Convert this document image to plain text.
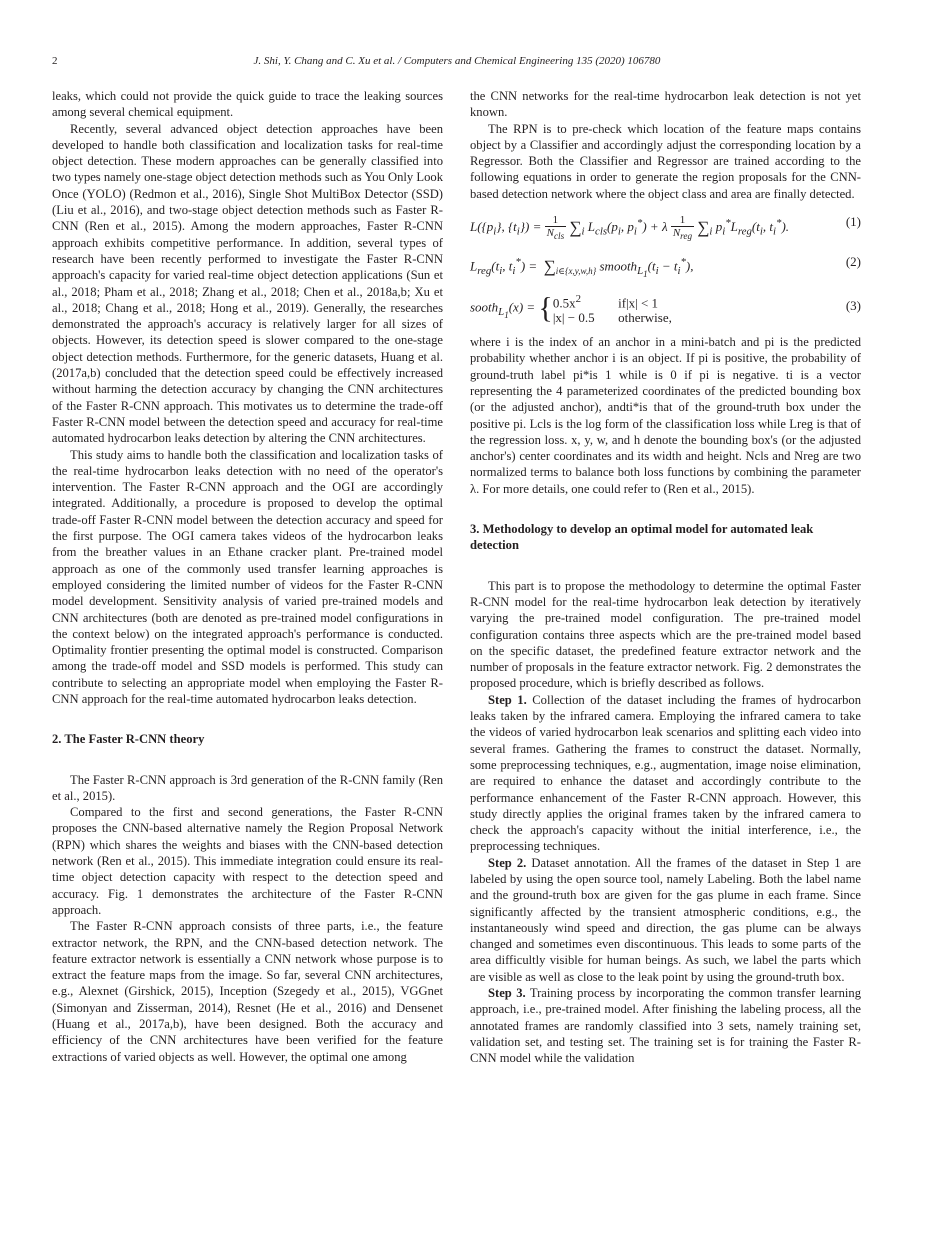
2	J. Shi, Y. Chang and C. Xu et al. / Computers and Chemical Engineering 135 (2020) 106780

leaks, which could not provide the quick guide to trace the leaking sources among several chemical equipment.

Recently, several advanced object detection approaches have been developed to handle both classification and localization tasks for real-time object detection. These modern approaches can be generally classified into two types namely one-stage object detection methods such as You Only Look Once (YOLO) (Redmon et al., 2016), Single Shot MultiBox Detector (SSD) (Liu et al., 2016), and two-stage object detection methods such as Faster R-CNN (Ren et al., 2015). Among the modern approaches, Faster R-CNN approach exhibits competitive performance. In addition, several types of research have been recently performed to investigate the Faster R-CNN approach's capacity for varied real-time object detection applications (Sun et al., 2018; Pham et al., 2018; Zhang et al., 2018; Chen et al., 2018a,b; Xu et al., 2018; Chang et al., 2018; Hong et al., 2019). Generally, the researches demonstrated the approach's accuracy is relatively larger for all sizes of objects. However, its detection speed is slower compared to the one-stage object detection methods. Furthermore, for the generic datasets, Huang et al. (2017a,b) concluded that the detection speed could be effectively increased without harming the detection accuracy by changing the CNN architectures of the Faster R-CNN approach. This motivates us to determine the trade-off Faster R-CNN model between the detection speed and accuracy for real-time automated hydrocarbon leaks detection by altering the CNN architectures.

This study aims to handle both the classification and localization tasks of the real-time hydrocarbon leaks detection with no need of the operator's intervention. The Faster R-CNN approach and the OGI are accordingly integrated. Additionally, a procedure is proposed to develop the optimal trade-off Faster R-CNN model between the detection accuracy and speed for the first purpose. The OGI camera takes videos of the hydrocarbon leaks from the breather values in an Ethane cracker plant. Pre-trained model approach as one of the commonly used transfer learning approaches is employed considering the limited number of videos for the Faster R-CNN model development. Sensitivity analysis of varied pre-trained models and CNN architectures (both are denoted as pre-trained model configurations in the context below) on the integrated approach's performance is conducted. Optimality frontier presenting the optimal model is constructed. Comparison among the trade-off model and SSD models is performed. This study can contribute to selecting an appropriate model when employing the Faster R-CNN approach for the real-time automated hydrocarbon leaks detection.

2. The Faster R-CNN theory

The Faster R-CNN approach is 3rd generation of the R-CNN family (Ren et al., 2015).

Compared to the first and second generations, the Faster R-CNN proposes the CNN-based alternative namely the Region Proposal Network (RPN) which shares the weights and biases with the CNN-based detection network (Ren et al., 2015). This immediate integration could ensure its real-time object detection capacity with respect to the detection speed and accuracy. Fig. 1 demonstrates the architecture of the Faster R-CNN approach.

The Faster R-CNN approach consists of three parts, i.e., the feature extractor network, the RPN, and the CNN-based detection network. The feature extractor network is essentially a CNN network whose purpose is to extract the feature maps from the image. So far, several CNN architectures, e.g., Alexnet (Girshick, 2015), Inception (Szegedy et al., 2015), VGGnet (Simonyan and Zisserman, 2014), Resnet (He et al., 2016) and Densenet (Huang et al., 2017a,b), have been designed. Both the accuracy and efficiency of the CNN architectures have been verified for the feature extractions of varied objects as well. However, the optimal one among

the CNN networks for the real-time hydrocarbon leak detection is not yet known.

The RPN is to pre-check which location of the feature maps contains object by a Classifier and accordingly adjust the corresponding location by a Regressor. Both the Classifier and Regressor are trained according to the following equations in order to generate the region proposals for the CNN-based detection network where the object class and area are finally detected.

$L(\{p_i\}$, $\{t_i\}) = \frac{1}{N_{cls}} \sum_i$ $L_{cls}(p_i$, $p_i^*) + \lambda \frac{1}{N_{reg}} \sum_i$ $p_i^*L_{reg}(t_i$, $t_i^*$).	(1)
$L_{reg}(t_i$, $t_i^*) = \sum_{i\in\{x,y,w,h\}}$ $smooth_{L_1}(t_i - t_i^*)$,	(2)
sooth$_{L_1}$(x) = {$0.5x^2$	if|x| < 1
|x| − 0.5 otherwise,
(3)

where i is the index of an anchor in a mini-batch and pi is the predicted probability whether anchor i is an object. If pi is positive, the probability of ground-truth label pi*is 1 while is 0 if pi is negative. ti is a vector representing the 4 parameterized coordinates of the predicted bounding box (or the adjusted anchor), andti*is that of the ground-truth box under the positive pi. Lcls is the log form of the classification loss while Lreg is that of the regression loss. x, y, w, and h denote the bounding box's (or the adjusted anchor's) center coordinates and its width and height. Ncls and Nreg are two normalized terms to balance both loss functions by combining the parameter λ. For more details, one could refer to (Ren et al., 2015).

3. Methodology to develop an optimal model for automated leak detection

This part is to propose the methodology to determine the optimal Faster R-CNN model for the real-time hydrocarbon leak detection by iteratively varying the pre-trained model configuration. The pre-trained model configuration contains three aspects which are the pre-trained model based on the specific dataset, the predefined feature extractor network and the number of proposals in the feature extractor network. Fig. 2 demonstrates the proposed procedure, which is briefly described as follows.

Step 1. Collection of the dataset including the frames of hydrocarbon leaks taken by the infrared camera. Employing the infrared camera to take the videos of varied hydrocarbon leak scenarios and splitting each video into several frames. Gathering the frames to construct the dataset. Normally, some preprocessing techniques, e.g., augmentation, image noise elimination, are required to enhance the dataset and accordingly contribute to the performance enhancement of the Faster R-CNN approach. However, this study directly applies the original frames taken by the infrared camera to check the approach's capacity without the initial interference, i.e., the preprocessing techniques.

Step 2. Dataset annotation. All the frames of the dataset in Step 1 are labeled by using the open source tool, namely Labeling. Both the label name and the ground-truth box are given for the gas plume in each frame. Since significantly affected by the transient atmospheric conditions, e.g., the instantaneously wind speed and direction, the gas plume can be always changed and sometimes even discontinuous. This leads to some parts of the area difficultly visible for human beings. As such, we label the parts which are visible as well as close to the leak point by using the ground-truth box.

Step 3. Training process by incorporating the common transfer learning approach, i.e., pre-trained model. After finishing the labeling process, all the annotated frames are randomly classified into 3 sets, namely training set, validation set, and testing set. The training set is for training the Faster R-CNN model while the validation
